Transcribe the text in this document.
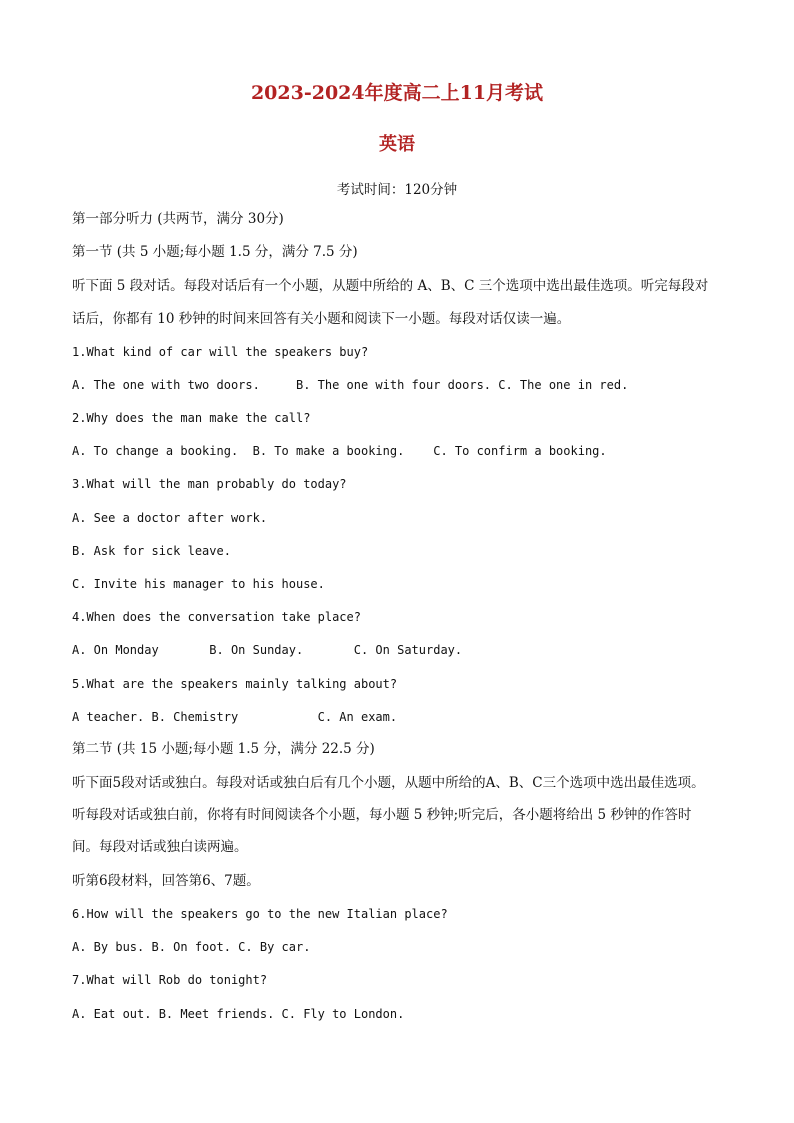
2023-2024年度高二上11月考试
英语
考试时间：120分钟
第一部分听力 (共两节，满分 30分)
第一节 (共 5 小题;每小题 1.5 分，满分 7.5 分)
听下面 5 段对话。每段对话后有一个小题，从题中所给的 A、B、C 三个选项中选出最佳选项。听完每段对
话后，你都有 10 秒钟的时间来回答有关小题和阅读下一小题。每段对话仅读一遍。
1.What kind of car will the speakers buy?
A. The one with two doors.     B. The one with four doors. C. The one in red.
2.Why does the man make the call?
A. To change a booking.  B. To make a booking.    C. To confirm a booking.
3.What will the man probably do today?
A. See a doctor after work.
B. Ask for sick leave.
C. Invite his manager to his house.
4.When does the conversation take place?
A. On Monday       B. On Sunday.       C. On Saturday.
5.What are the speakers mainly talking about?
A teacher. B. Chemistry           C. An exam.
第二节 (共 15 小题;每小题 1.5 分，满分 22.5 分)
听下面5段对话或独白。每段对话或独白后有几个小题，从题中所给的A、B、C三个选项中选出最佳选项。
听每段对话或独白前，你将有时间阅读各个小题，每小题 5 秒钟;听完后，各小题将给出 5 秒钟的作答时
间。每段对话或独白读两遍。
听第6段材料，回答第6、7题。
6.How will the speakers go to the new Italian place?
A. By bus. B. On foot. C. By car.
7.What will Rob do tonight?
A. Eat out. B. Meet friends. C. Fly to London.
